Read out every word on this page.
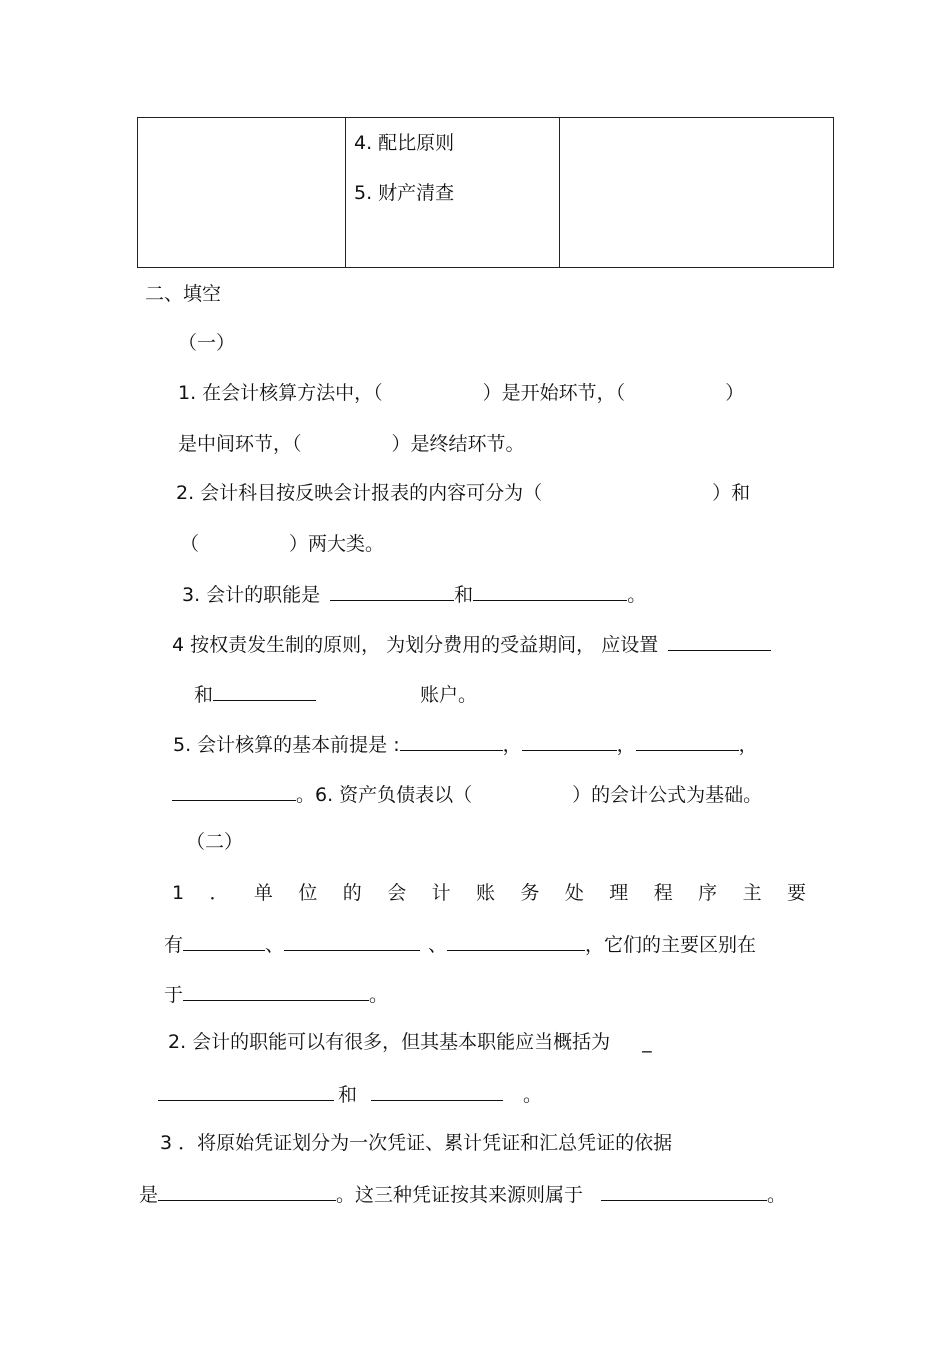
4. 配比原则
5. 财产清查
二、填空
（一）
1. 在会计核算方法中，（	）是开始环节，（	）
是中间环节，（	）是终结环节。
2. 会计科目按反映会计报表的内容可分为（	）和
（	）两大类。
3. 会计的职能是	和	。
4 按权责发生制的原则， 为划分费用的受益期间， 应设置
和	账户。
5. 会计核算的基本前提是 :	，	，	，
。6. 资产负债表以（	）的会计公式为基础。
（二）
1 ． 单 位 的 会 计 账 务 处 理 程 序 主 要
有	、	、	，它们的主要区别在
于	。
2. 会计的职能可以有很多，但其基本职能应当概括为 _
和	。
3 ．将原始凭证划分为一次凭证、累计凭证和汇总凭证的依据
是	。这三种凭证按其来源则属于	。
